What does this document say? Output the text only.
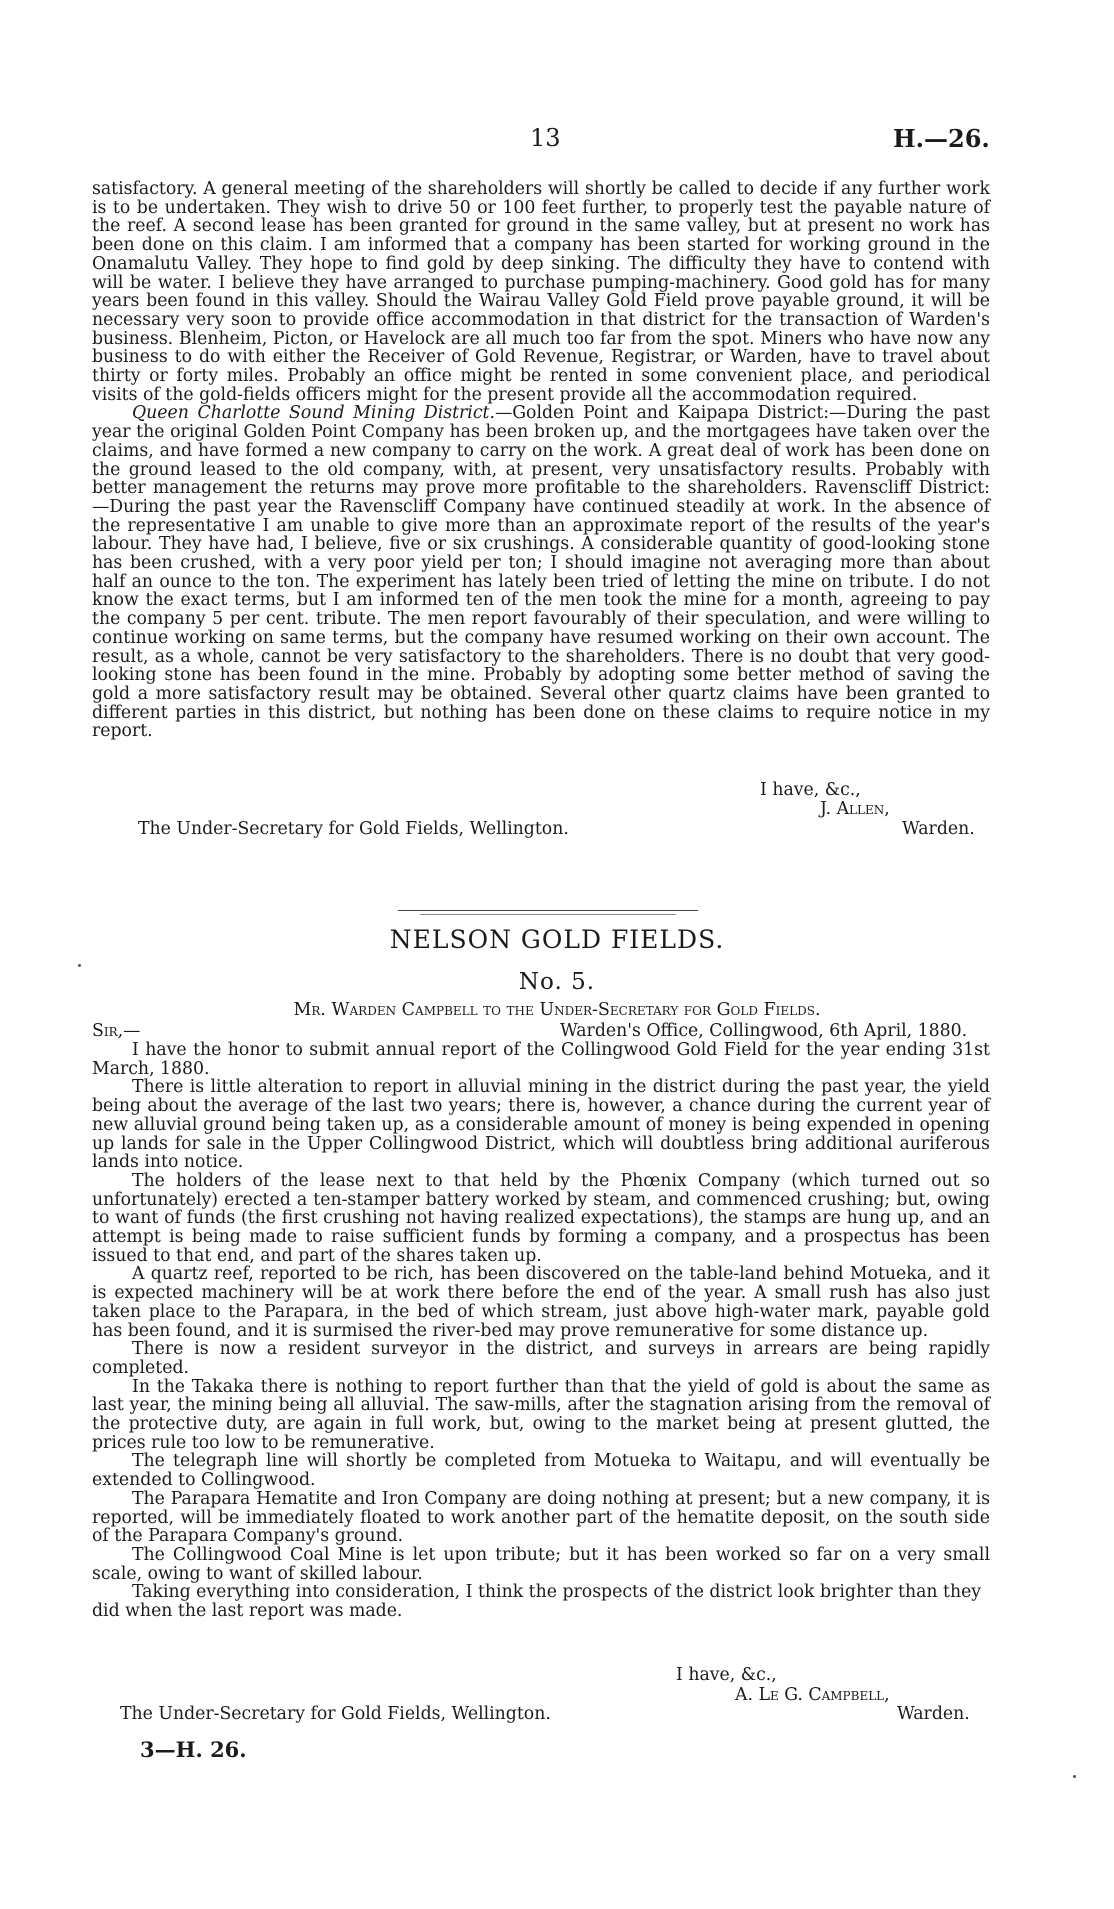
13	H.—26.

satisfactory. A general meeting of the shareholders will shortly be called to decide if any further work is to be undertaken. They wish to drive 50 or 100 feet further, to properly test the payable nature of the reef. A second lease has been granted for ground in the same valley, but at present no work has been done on this claim. I am informed that a company has been started for working ground in the Onamalutu Valley. They hope to find gold by deep sinking. The difficulty they have to contend with will be water. I believe they have arranged to purchase pumping-machinery. Good gold has for many years been found in this valley. Should the Wairau Valley Gold Field prove payable ground, it will be necessary very soon to provide office accommodation in that district for the transaction of Warden's business. Blenheim, Picton, or Havelock are all much too far from the spot. Miners who have now any business to do with either the Receiver of Gold Revenue, Registrar, or Warden, have to travel about thirty or forty miles. Probably an office might be rented in some convenient place, and periodical visits of the gold-fields officers might for the present provide all the accommodation required.

Queen Charlotte Sound Mining District.—Golden Point and Kaipapa District:—During the past year the original Golden Point Company has been broken up, and the mortgagees have taken over the claims, and have formed a new company to carry on the work. A great deal of work has been done on the ground leased to the old company, with, at present, very unsatisfactory results. Probably with better management the returns may prove more profitable to the shareholders. Ravenscliff District: —During the past year the Ravenscliff Company have continued steadily at work. In the absence of the representative I am unable to give more than an approximate report of the results of the year's labour. They have had, I believe, five or six crushings. A considerable quantity of good-looking stone has been crushed, with a very poor yield per ton; I should imagine not averaging more than about half an ounce to the ton. The experiment has lately been tried of letting the mine on tribute. I do not know the exact terms, but I am informed ten of the men took the mine for a month, agreeing to pay the company 5 per cent. tribute. The men report favourably of their speculation, and were willing to continue working on same terms, but the company have resumed working on their own account. The result, as a whole, cannot be very satisfactory to the shareholders. There is no doubt that very good-looking stone has been found in the mine. Probably by adopting some better method of saving the gold a more satisfactory result may be obtained. Several other quartz claims have been granted to different parties in this district, but nothing has been done on these claims to require notice in my report.

I have, &c.,
J. Allen,
The Under-Secretary for Gold Fields, Wellington.	Warden.
NELSON GOLD FIELDS.
No. 5.
Mr. Warden Campbell to the Under-Secretary for Gold Fields.
Sir,—	Warden's Office, Collingwood, 6th April, 1880.

I have the honor to submit annual report of the Collingwood Gold Field for the year ending 31st March, 1880.

There is little alteration to report in alluvial mining in the district during the past year, the yield being about the average of the last two years; there is, however, a chance during the current year of new alluvial ground being taken up, as a considerable amount of money is being expended in opening up lands for sale in the Upper Collingwood District, which will doubtless bring additional auriferous lands into notice.

The holders of the lease next to that held by the Phœnix Company (which turned out so unfortunately) erected a ten-stamper battery worked by steam, and commenced crushing; but, owing to want of funds (the first crushing not having realized expectations), the stamps are hung up, and an attempt is being made to raise sufficient funds by forming a company, and a prospectus has been issued to that end, and part of the shares taken up.

A quartz reef, reported to be rich, has been discovered on the table-land behind Motueka, and it is expected machinery will be at work there before the end of the year. A small rush has also just taken place to the Parapara, in the bed of which stream, just above high-water mark, payable gold has been found, and it is surmised the river-bed may prove remunerative for some distance up.

There is now a resident surveyor in the district, and surveys in arrears are being rapidly completed.

In the Takaka there is nothing to report further than that the yield of gold is about the same as last year, the mining being all alluvial. The saw-mills, after the stagnation arising from the removal of the protective duty, are again in full work, but, owing to the market being at present glutted, the prices rule too low to be remunerative.

The telegraph line will shortly be completed from Motueka to Waitapu, and will eventually be extended to Collingwood.

The Parapara Hematite and Iron Company are doing nothing at present; but a new company, it is reported, will be immediately floated to work another part of the hematite deposit, on the south side of the Parapara Company's ground.

The Collingwood Coal Mine is let upon tribute; but it has been worked so far on a very small scale, owing to want of skilled labour.

Taking everything into consideration, I think the prospects of the district look brighter than they did when the last report was made.

I have, &c.,
A. Le G. Campbell,
The Under-Secretary for Gold Fields, Wellington.	Warden.
3—H. 26.
